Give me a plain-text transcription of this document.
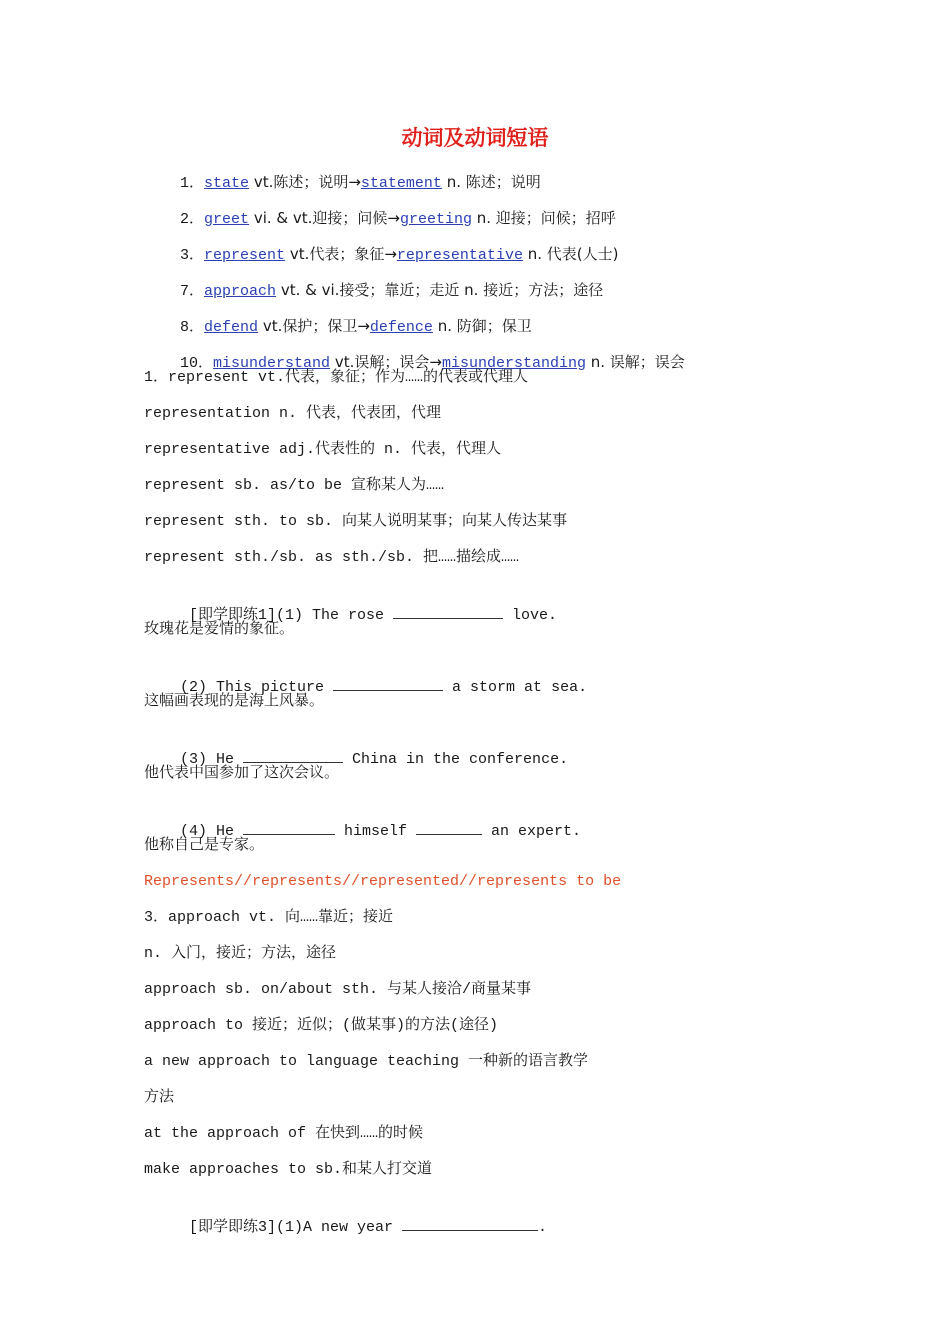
动词及动词短语

1．state vt.陈述；说明→statement n. 陈述；说明

2．greet vi. & vt.迎接；问候→greeting n. 迎接；问候；招呼

3．represent vt.代表；象征→representative n. 代表(人士)

7．approach vt. & vi.接受；靠近；走近 n. 接近；方法；途径

8．defend vt.保护；保卫→defence n. 防御；保卫

10．misunderstand vt.误解；误会→misunderstanding n. 误解；误会

1．represent vt.代表，象征；作为……的代表或代理人
representation n. 代表，代表团，代理
representative adj.代表性的 n. 代表，代理人
represent sb. as/to be 宣称某人为……
represent sth. to sb. 向某人说明某事；向某人传达某事
represent sth./sb. as sth./sb. 把……描绘成……

[即学即练1](1) The rose	love.

玫瑰花是爱情的象征。

(2) This picture	a storm at sea.

这幅画表现的是海上风暴。

(3) He	China in the conference.

他代表中国参加了这次会议。

(4) He	himself	an expert.

他称自己是专家。
Represents//represents//represented//represents to be
3．approach vt. 向……靠近；接近
n. 入门，接近；方法，途径
approach sb. on/about sth. 与某人接洽/商量某事
approach to 接近；近似；(做某事)的方法(途径)
a new approach to language teaching 一种新的语言教学
方法
at the approach of 在快到……的时候
make approaches to sb.和某人打交道

[即学即练3](1)A new year	.
